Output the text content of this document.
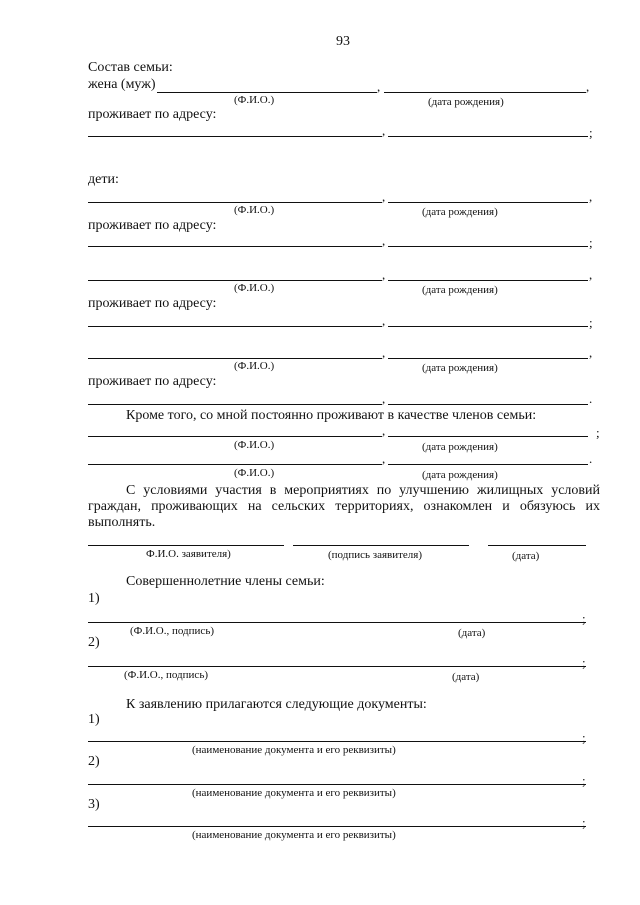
93
Состав семьи:
жена (муж)	,	,
(Ф.И.О.)	(дата рождения)
проживает по адресу:
,	;
дети:
,	,
(Ф.И.О.)	(дата рождения)
проживает по адресу:
,	;
,	,
(Ф.И.О.)	(дата рождения)
проживает по адресу:
,	;
,	,
(Ф.И.О.)	(дата рождения)
проживает по адресу:
,	.
Кроме того, со мной постоянно проживают в качестве членов семьи:
,	;
(Ф.И.О.)	(дата рождения)
,	.
(Ф.И.О.)	(дата рождения)
С условиями участия в мероприятиях по улучшению жилищных условий граждан, проживающих на сельских территориях, ознакомлен и обязуюсь их выполнять.
Ф.И.О. заявителя)	(подпись заявителя)	(дата)
Совершеннолетние члены семьи:
1)
;
(Ф.И.О., подпись)	(дата)
2)
;
(Ф.И.О., подпись)	(дата)
К заявлению прилагаются следующие документы:
1)
;
(наименование документа и его реквизиты)
2)
;
(наименование документа и его реквизиты)
3)
;
(наименование документа и его реквизиты)
